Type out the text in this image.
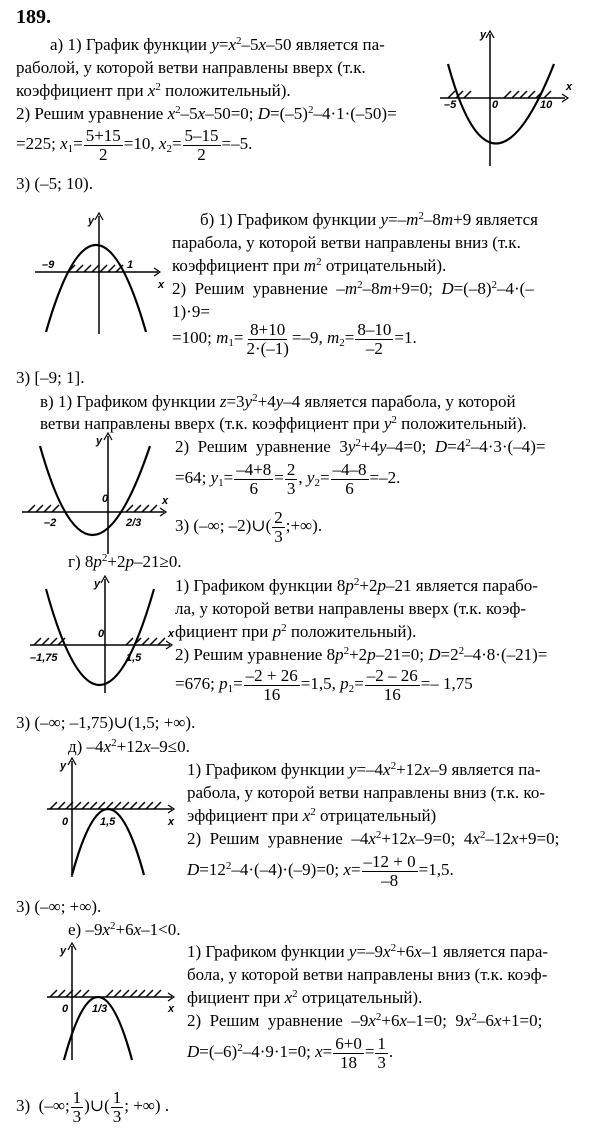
189.
а) 1) График функции $y=x^2-5x-50$ является па-
раболой, у которой ветви направлены вверх (т.к.
коэффициент при $x^2$ положительный).
2) Решим уравнение $x^2-5x-50=0$; $D=(-5)^2-4\cdot 1\cdot(-50)=$
=225; $x_1= \frac{5+15}{2} =10$, $x_2= \frac{5-15}{2} =-5$.
3) (–5; 10).
y
x
–5	0	10
y
x
–9	1
б) 1) Графиком функции $y=-m^2-8m+9$ является
парабола, у которой ветви направлены вниз (т.к.
коэффициент при $m^2$ отрицательный).
2)  Решим  уравнение  $-m^2-8m+9=0$;  $D=(-8)^2-4\cdot(-$
1)·9=
=100; $m_1= \frac{8+10}{2\cdot(-1)} =-9$, $m_2= \frac{8-10}{-2} =1$.
3) [–9; 1].
в) 1) Графиком функции $z=3y^2+4y-4$ является парабола, у которой
ветви направлены вверх (т.к. коэффициент при $y^2$ положительный).
y
x
–2
0
2/3
2)  Решим  уравнение  $3y^2+4y-4=0$;  $D=4^2-4\cdot 3\cdot(-4)=$
=64; $y_1= \frac{-4+8}{6} = \frac{2}{3}$ , $y_2= \frac{-4-8}{6} =-2$.
3) (–∞; –2)∪( $\frac{2}{3}$ ;+∞).
г) $8p^2+2p-21\ge 0$.
y
x
–1,75
0
1,5
1) Графиком функции $8p^2+2p-21$ является парабо-
ла, у которой ветви направлены вверх (т.к. коэф-
фициент при $p^2$ положительный).
2) Решим уравнение $8p^2+2p-21=0$; $D=2^2-4\cdot 8\cdot(-21)=$
=676; $p_1= \frac{-2 + 26}{16} =1,5$, $p_2= \frac{-2 - 26}{16} =- 1,75$
3) (–∞; –1,75)∪(1,5; +∞).
д) $-4x^2+12x-9\le 0$.
y
x
0	1,5
1) Графиком функции $y=-4x^2+12x-9$ является па-
рабола, у которой ветви направлены вниз (т.к. ко-
эффициент при $x^2$ отрицательный)
2)  Решим  уравнение  $-4x^2+12x-9=0$;  $4x^2-12x+9=0$;
$D=12^2-4\cdot(-4)\cdot(-9)=0$; $x= \frac{-12 + 0}{-8} =1,5$.
3) (–∞; +∞).
е) $-9x^2+6x-1<0$.
y
x
0 1/3
1) Графиком функции $y=-9x^2+6x-1$ является пара-
бола, у которой ветви направлены вниз (т.к. коэф-
фициент при $x^2$ отрицательный).
2)  Решим  уравнение  $-9x^2+6x-1=0$;  $9x^2-6x+1=0$;
$D=(-6)^2-4\cdot 9\cdot 1=0$; $x= \frac{6+0}{18} = \frac{1}{3}$ .
3)  (–∞; $\frac{1}{3}$ )∪( $\frac{1}{3}$ ; +∞) .
